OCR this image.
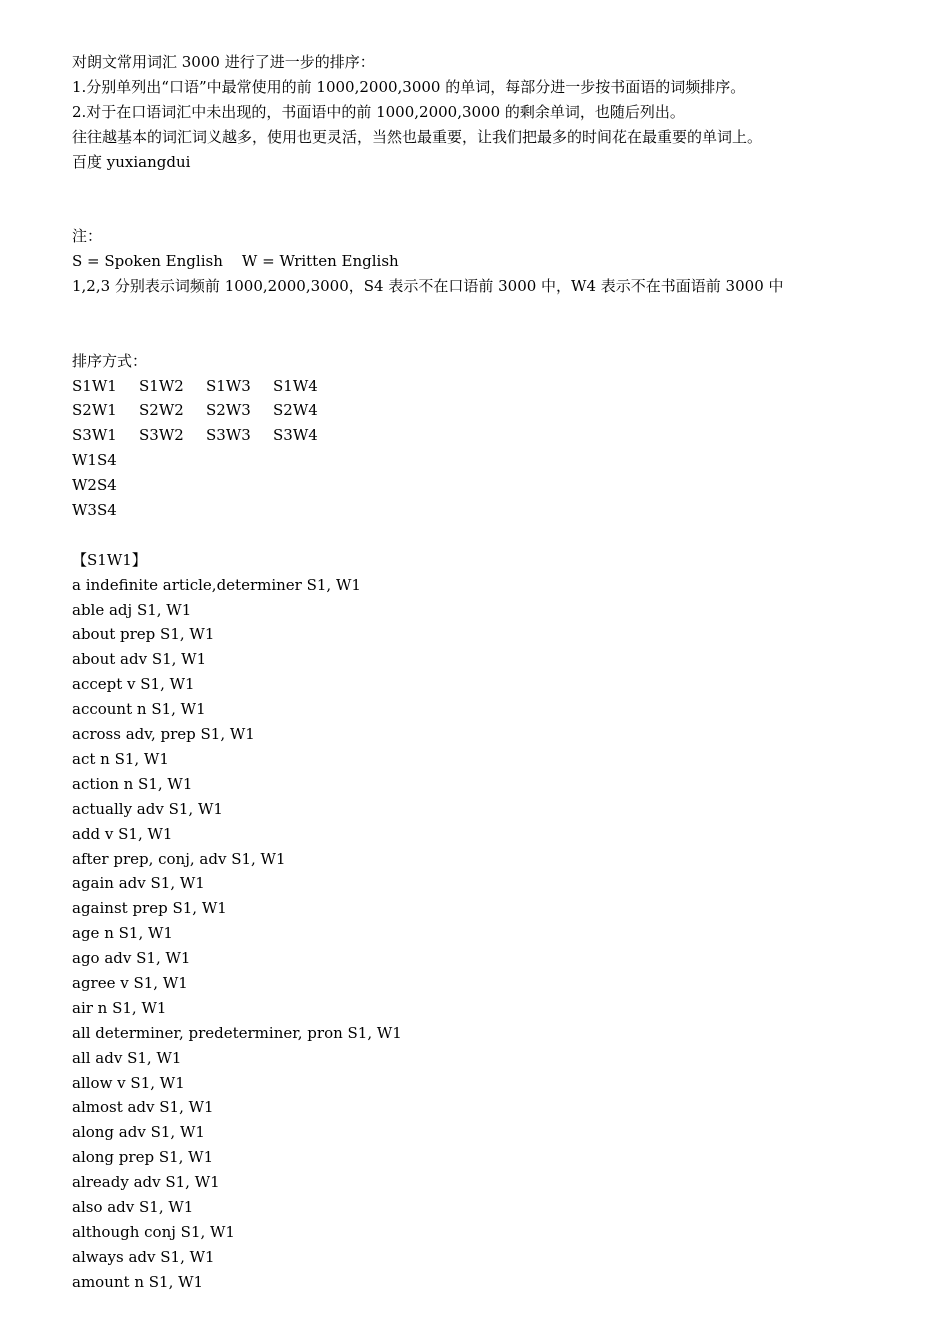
对朗文常用词汇 3000 进行了进一步的排序：
1.分别单列出“口语”中最常使用的前 1000,2000,3000 的单词，每部分进一步按书面语的词频排序。
2.对于在口语词汇中未出现的，书面语中的前 1000,2000,3000 的剩余单词，也随后列出。
往往越基本的词汇词义越多，使用也更灵活，当然也最重要，让我们把最多的时间花在最重要的单词上。
百度 yuxiangdui
注：
S = Spoken English    W = Written English
1,2,3 分别表示词频前 1000,2000,3000，S4 表示不在口语前 3000 中，W4 表示不在书面语前 3000 中
排序方式：
S1W1 S1W2 S1W3 S1W4
S2W1 S2W2 S2W3 S2W4
S3W1 S3W2 S3W3 S3W4
W1S4
W2S4
W3S4
【S1W1】
a indefinite article,determiner S1, W1
able adj S1, W1
about prep S1, W1
about adv S1, W1
accept v S1, W1
account n S1, W1
across adv, prep S1, W1
act n S1, W1
action n S1, W1
actually adv S1, W1
add v S1, W1
after prep, conj, adv S1, W1
again adv S1, W1
against prep S1, W1
age n S1, W1
ago adv S1, W1
agree v S1, W1
air n S1, W1
all determiner, predeterminer, pron S1, W1
all adv S1, W1
allow v S1, W1
almost adv S1, W1
along adv S1, W1
along prep S1, W1
already adv S1, W1
also adv S1, W1
although conj S1, W1
always adv S1, W1
amount n S1, W1
